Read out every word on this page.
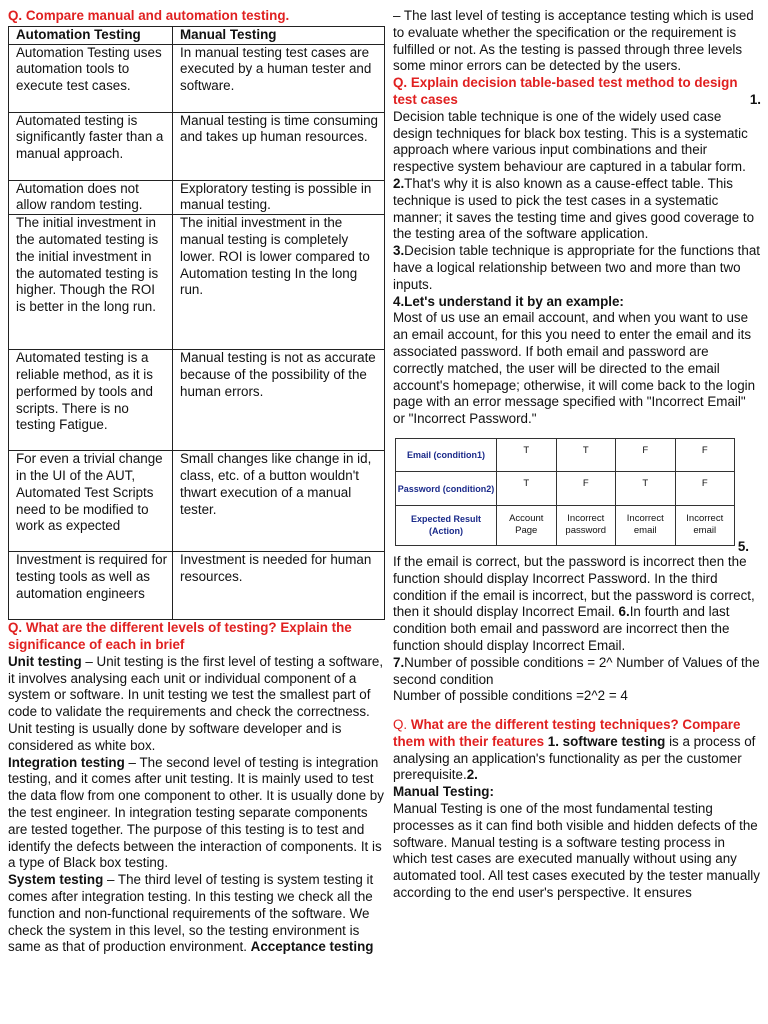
Q. Compare manual and automation testing.
Automation Testing	Manual Testing
Automation Testing uses automation tools to execute test cases.	In manual testing test cases are executed by a human tester and software.
Automated testing is significantly faster than a manual approach.	Manual testing is time consuming and takes up human resources.
Automation does not allow random testing.	Exploratory testing is possible in manual testing.
The initial investment in the automated testing is the initial investment in the automated testing is higher. Though the ROI is better in the long run.	The initial investment in the manual testing is completely lower. ROI is lower compared to Automation testing In the long run.
Automated testing is a reliable method, as it is performed by tools and scripts. There is no testing Fatigue.	Manual testing is not as accurate because of the possibility of the human errors.
For even a trivial change in the UI of the AUT, Automated Test Scripts need to be modified to work as expected	Small changes like change in id, class, etc. of a button wouldn't thwart execution of a manual tester.
Investment is required for testing tools as well as automation engineers	Investment is needed for human resources.
Q. What are the different levels of testing? Explain the significance of each in brief

Unit testing – Unit testing is the first level of testing a software, it involves analysing each unit or individual component of a system or software. In unit testing we test the smallest part of code to validate the requirements and check the correctness. Unit testing is usually done by software developer and is considered as white box.

Integration testing – The second level of testing is integration testing, and it comes after unit testing. It is mainly used to test the data flow from one component to other. It is usually done by the test engineer. In integration testing separate components are tested together. The purpose of this testing is to test and identify the defects between the interaction of components. It is a type of Black box testing.

System testing – The third level of testing is system testing it comes after integration testing. In this testing we check all the function and non-functional requirements of the software. We check the system in this level, so the testing environment is same as that of production environment. Acceptance testing

– The last level of testing is acceptance testing which is used to evaluate whether the specification or the requirement is fulfilled or not. As the testing is passed through three levels some minor errors can be detected by the users.

Q. Explain decision table-based test method to design test cases	1.

Decision table technique is one of the widely used case design techniques for black box testing. This is a systematic approach where various input combinations and their respective system behaviour are captured in a tabular form.

2.That's why it is also known as a cause-effect table. This technique is used to pick the test cases in a systematic manner; it saves the testing time and gives good coverage to the testing area of the software application.

3.Decision table technique is appropriate for the functions that have a logical relationship between two and more than two inputs.

4.Let's understand it by an example:

Most of us use an email account, and when you want to use an email account, for this you need to enter the email and its associated password. If both email and password are correctly matched, the user will be directed to the email account's homepage; otherwise, it will come back to the login page with an error message specified with "Incorrect Email" or "Incorrect Password."

Email (condition1)	T	T	F	F
Password (condition2)	T	F	T	F
Expected Result (Action)	Account Page	Incorrect password	Incorrect email	Incorrect email
5.

If the email is correct, but the password is incorrect then the function should display Incorrect Password. In the third condition if the email is incorrect, but the password is correct, then it should display Incorrect Email. 6.In fourth and last condition both email and password are incorrect then the function should display Incorrect Email.

7.Number of possible conditions = 2^ Number of Values of the second condition

Number of possible conditions =2^2 = 4

Q. What are the different testing techniques? Compare them with their features 1. software testing is a process of analysing an application's functionality as per the customer prerequisite.2.

Manual Testing:

Manual Testing is one of the most fundamental testing processes as it can find both visible and hidden defects of the software. Manual testing is a software testing process in which test cases are executed manually without using any automated tool. All test cases executed by the tester manually according to the end user's perspective. It ensures
